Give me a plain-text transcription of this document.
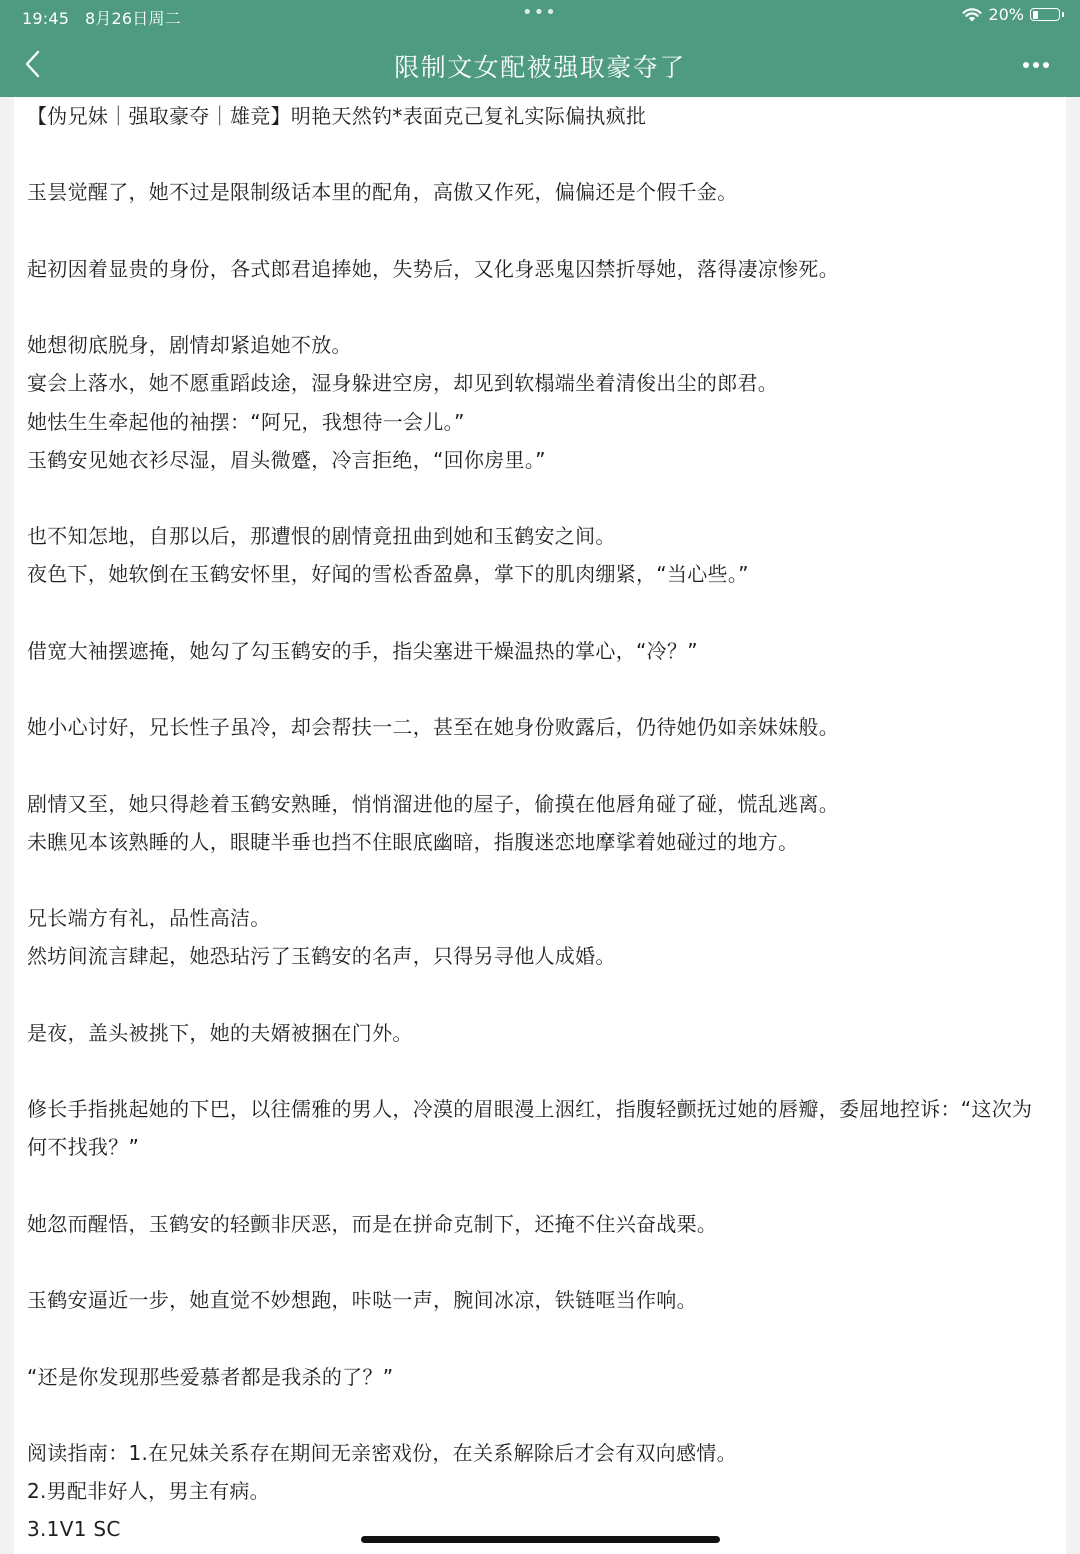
19:45 8月26日周二	•••	20%
限制文女配被强取豪夺了

【伪兄妹｜强取豪夺｜雄竞】明艳天然钓*表面克己复礼实际偏执疯批

玉昙觉醒了，她不过是限制级话本里的配角，高傲又作死，偏偏还是个假千金。

起初因着显贵的身份，各式郎君追捧她，失势后，又化身恶鬼囚禁折辱她，落得凄凉惨死。

她想彻底脱身，剧情却紧追她不放。

宴会上落水，她不愿重蹈歧途，湿身躲进空房，却见到软榻端坐着清俊出尘的郎君。

她怯生生牵起他的袖摆：“阿兄，我想待一会儿。”

玉鹤安见她衣衫尽湿，眉头微蹙，冷言拒绝，“回你房里。”

也不知怎地，自那以后，那遭恨的剧情竟扭曲到她和玉鹤安之间。

夜色下，她软倒在玉鹤安怀里，好闻的雪松香盈鼻，掌下的肌肉绷紧，“当心些。”

借宽大袖摆遮掩，她勾了勾玉鹤安的手，指尖塞进干燥温热的掌心，“冷？”

她小心讨好，兄长性子虽冷，却会帮扶一二，甚至在她身份败露后，仍待她仍如亲妹妹般。

剧情又至，她只得趁着玉鹤安熟睡，悄悄溜进他的屋子，偷摸在他唇角碰了碰，慌乱逃离。

未瞧见本该熟睡的人，眼睫半垂也挡不住眼底幽暗，指腹迷恋地摩挲着她碰过的地方。

兄长端方有礼，品性高洁。

然坊间流言肆起，她恐玷污了玉鹤安的名声，只得另寻他人成婚。

是夜，盖头被挑下，她的夫婿被捆在门外。

修长手指挑起她的下巴，以往儒雅的男人，冷漠的眉眼漫上洇红，指腹轻颤抚过她的唇瓣，委屈地控诉：“这次为何不找我？”

她忽而醒悟，玉鹤安的轻颤非厌恶，而是在拼命克制下，还掩不住兴奋战栗。

玉鹤安逼近一步，她直觉不妙想跑，咔哒一声，腕间冰凉，铁链哐当作响。

“还是你发现那些爱慕者都是我杀的了？”

阅读指南：1.在兄妹关系存在期间无亲密戏份，在关系解除后才会有双向感情。

2.男配非好人，男主有病。

3.1V1 SC
